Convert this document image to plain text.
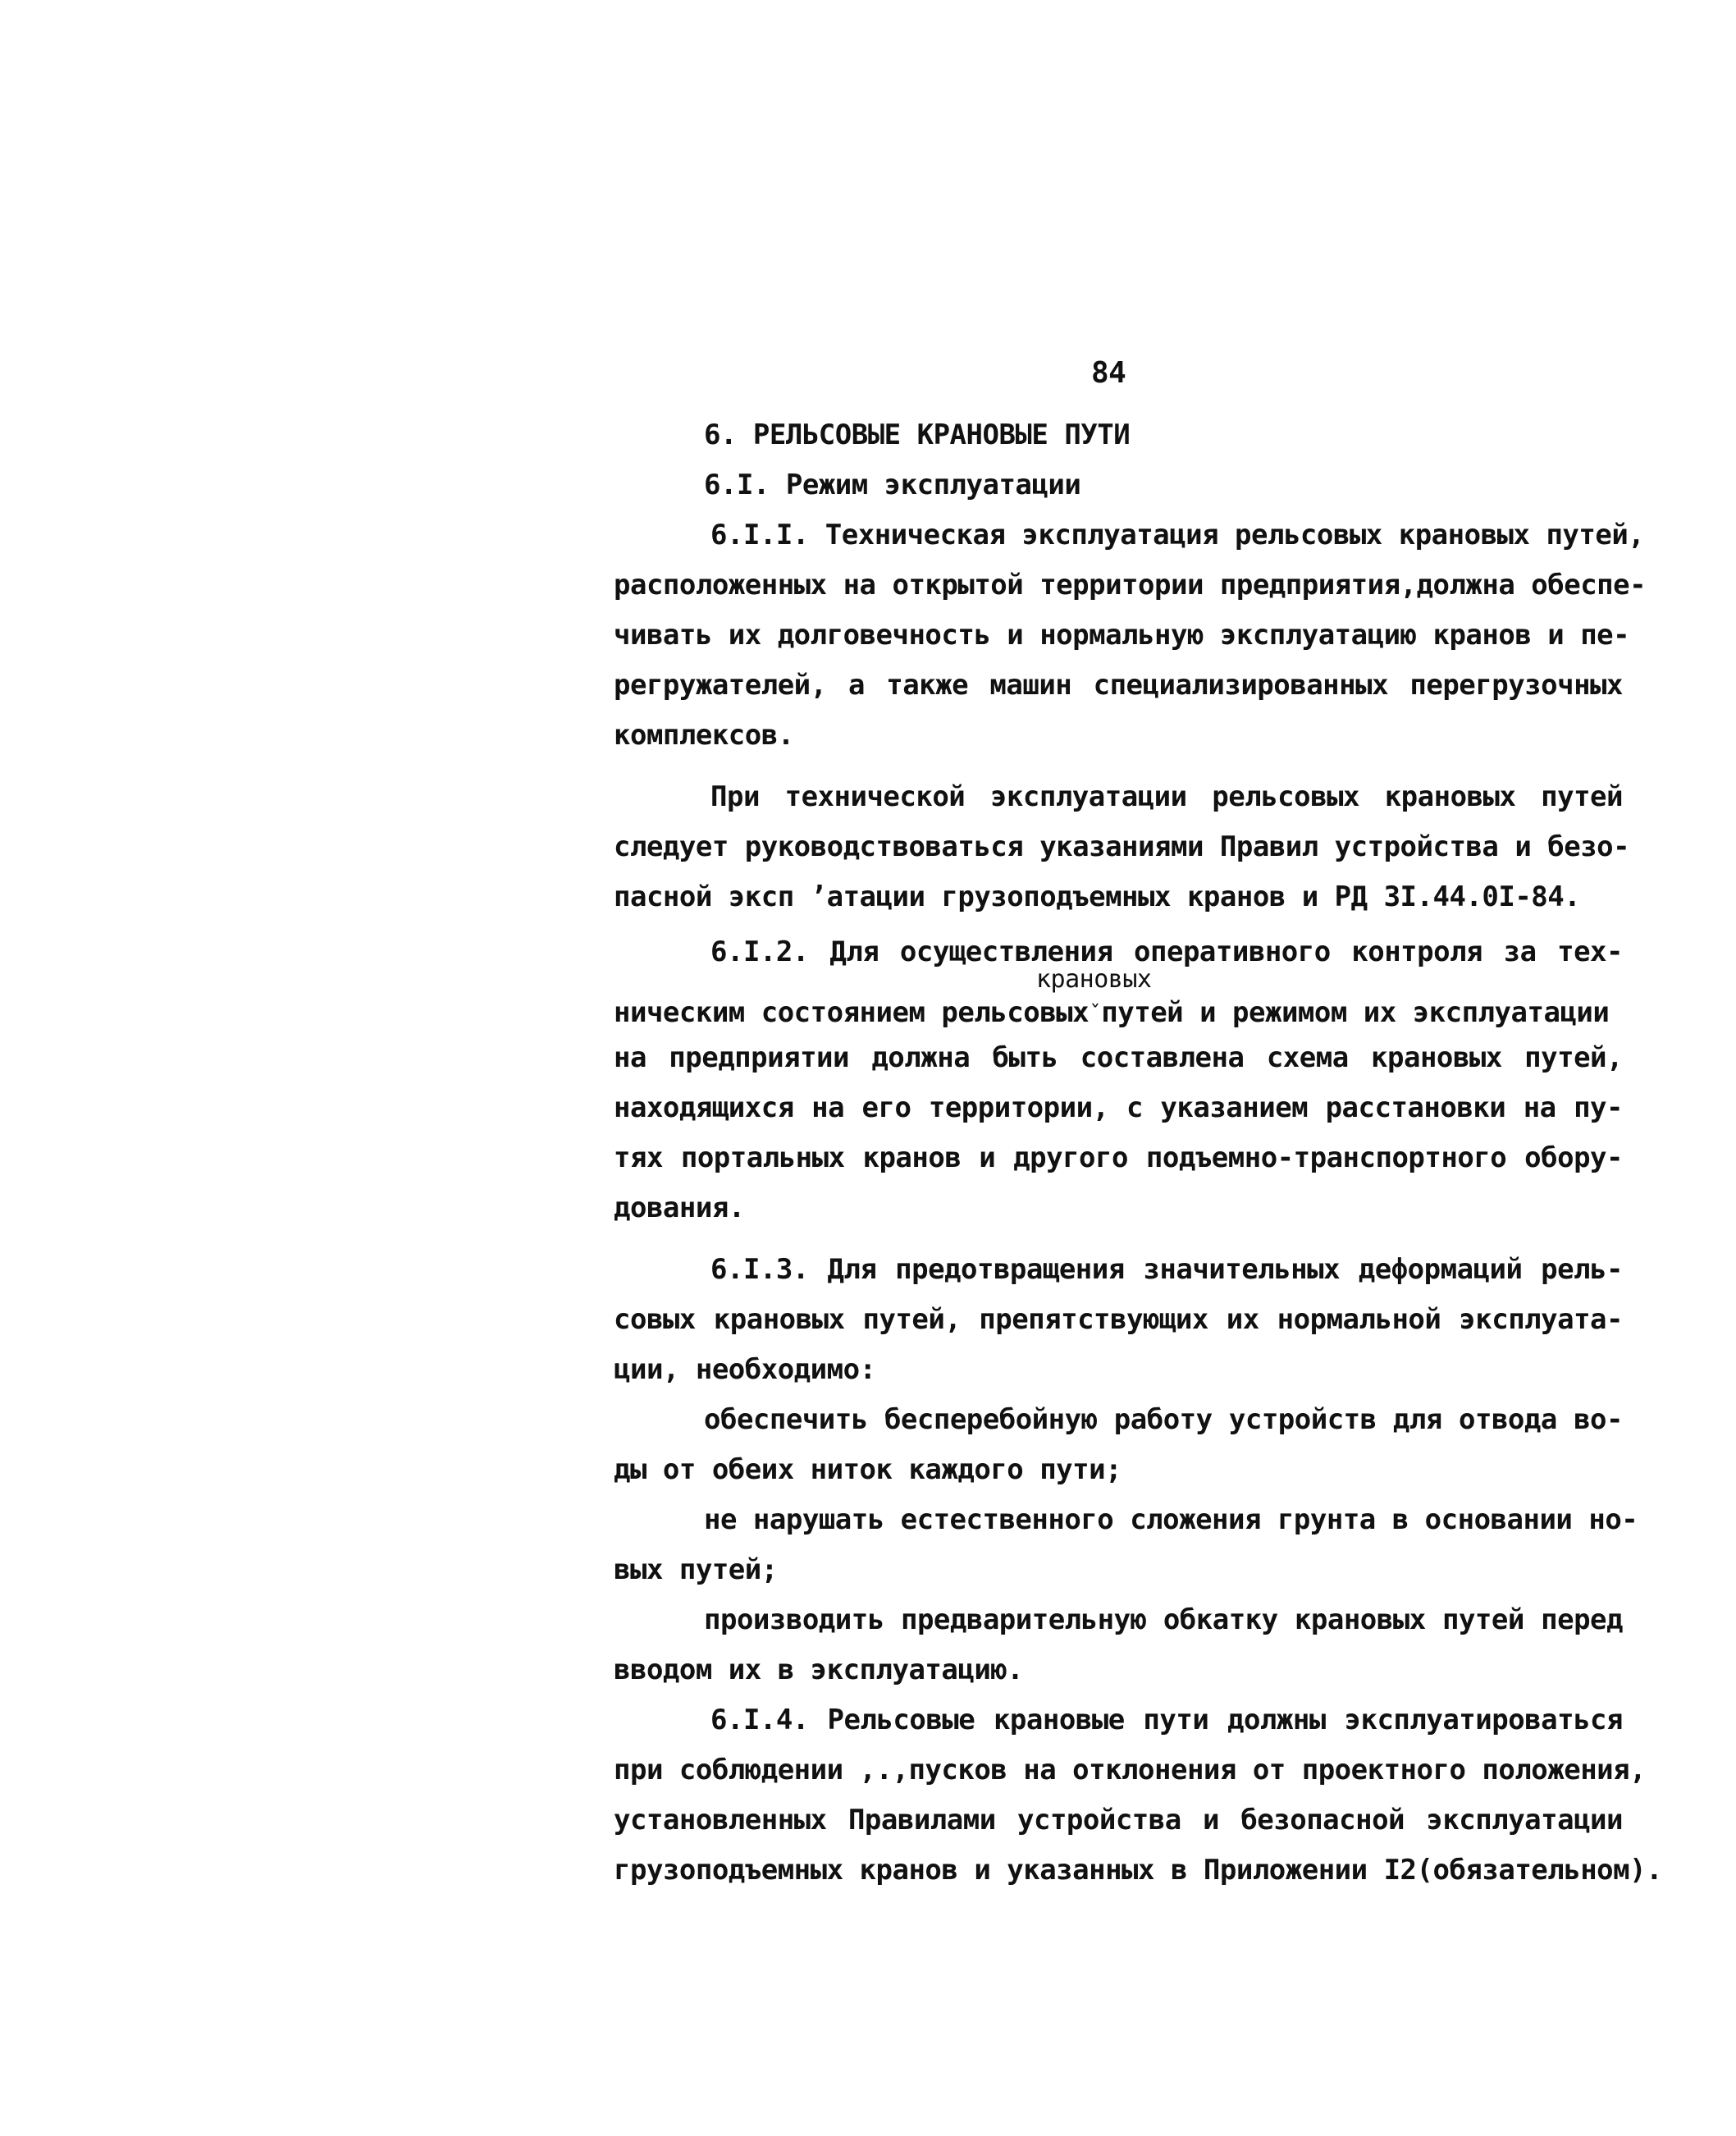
84
6. РЕЛЬСОВЫЕ КРАНОВЫЕ ПУТИ
6.I. Режим эксплуатации
6.I.I. Техническая эксплуатация рельсовых крановых путей,
расположенных на открытой территории предприятия,должна обеспе-
чивать их долговечность и нормальную эксплуатацию кранов и пе-
регружателей, а также машин специализированных перегрузочных
комплексов.
При технической эксплуатации рельсовых крановых путей
следует руководствоваться указаниями Правил устройства и безо-
пасной эксп ’атации грузоподъемных кранов и РД 3I.44.0I-84.
6.I.2. Для осуществления оперативного контроля за тех-
крановых
ническим состоянием рельсовыхˇпутей и режимом их эксплуатации
на предприятии должна быть составлена схема крановых путей,
находящихся на его территории, с указанием расстановки на пу-
тях портальных кранов и другого подъемно-транспортного обору-
дования.
6.I.3. Для предотвращения значительных деформаций рель-
совых крановых путей, препятствующих их нормальной эксплуата-
ции, необходимо:
обеспечить бесперебойную работу устройств для отвода во-
ды от обеих ниток каждого пути;
не нарушать естественного сложения грунта в основании но-
вых путей;
производить предварительную обкатку крановых путей перед
вводом их в эксплуатацию.
6.I.4. Рельсовые крановые пути должны эксплуатироваться
при соблюдении ‚.‚пусков на отклонения от проектного положения,
установленных Правилами устройства и безопасной эксплуатации
грузоподъемных кранов и указанных в Приложении I2(обязательном).
